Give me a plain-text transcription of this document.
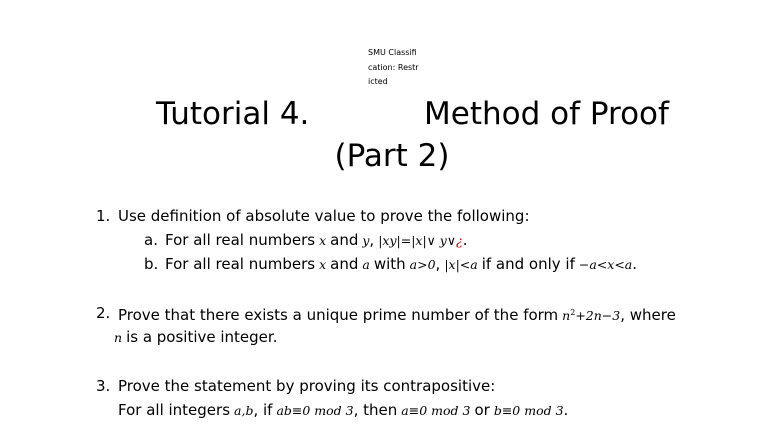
SMU Classification: Restricted
Tutorial 4.	Method of Proof
(Part 2)
1. Use definition of absolute value to prove the following:
a. For all real numbers x and y, |xy|=|x|∨ y∨¿.
b. For all real numbers x and a with a>0, |x|<a if and only if −a<x<a.
2. Prove that there exists a unique prime number of the form $n^2+2n-3$, where
n is a positive integer.
3. Prove the statement by proving its contrapositive:
For all integers a,b, if ab≡0 mod 3, then a≡0 mod 3 or b≡0 mod 3.
